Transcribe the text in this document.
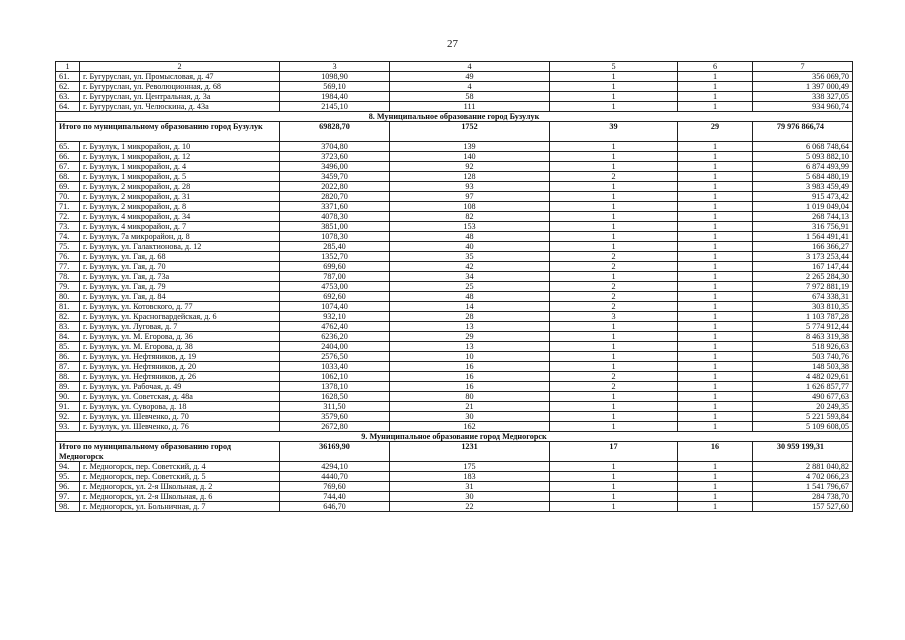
27
1	2	3	4	5	6	7
61.	г. Бугуруслан, ул. Промысловая, д. 47	1098,90	49	1	1	356 069,70
62.	г. Бугуруслан, ул. Революционная, д. 68	569,10	4	1	1	1 397 000,49
63.	г. Бугуруслан, ул. Центральная, д. 3а	1984,40	58	1	1	338 327,05
64.	г. Бугуруслан, ул. Челюскина, д. 43а	2145,10	111	1	1	934 960,74
8. Муниципальное образование город Бузулук						
Итого по муниципальному образованию город Бузулук		69828,70	1752	39	29	79 976 866,74
65.	г. Бузулук, 1 микрорайон, д. 10	3704,80	139	1	1	6 068 748,64
66.	г. Бузулук, 1 микрорайон, д. 12	3723,60	140	1	1	5 093 882,10
67.	г. Бузулук, 1 микрорайон, д. 4	3496,00	92	1	1	6 874 493,99
68.	г. Бузулук, 1 микрорайон, д. 5	3459,70	128	2	1	5 684 480,19
69.	г. Бузулук, 2 микрорайон, д. 28	2022,80	93	1	1	3 983 459,49
70.	г. Бузулук, 2 микрорайон, д. 31	2820,70	97	1	1	915 473,42
71.	г. Бузулук, 2 микрорайон, д. 8	3371,60	108	1	1	1 019 049,04
72.	г. Бузулук, 4 микрорайон, д. 34	4078,30	82	1	1	268 744,13
73.	г. Бузулук, 4 микрорайон, д. 7	3851,00	153	1	1	316 756,91
74.	г. Бузулук, 7а микрорайон, д. 8	1078,30	48	1	1	1 564 491,41
75.	г. Бузулук, ул. Галактионова, д. 12	285,40	40	1	1	166 366,27
76.	г. Бузулук, ул. Гая, д. 68	1352,70	35	2	1	3 173 253,44
77.	г. Бузулук, ул. Гая, д. 70	699,60	42	2	1	167 147,44
78.	г. Бузулук, ул. Гая, д. 73а	787,00	34	1	1	2 265 284,30
79.	г. Бузулук, ул. Гая, д. 79	4753,00	25	2	1	7 972 881,19
80.	г. Бузулук, ул. Гая, д. 84	692,60	48	2	1	674 338,31
81.	г. Бузулук, ул. Котовского, д. 77	1074,40	14	2	1	303 810,35
82.	г. Бузулук, ул. Красногвардейская, д. 6	932,10	28	3	1	1 103 787,28
83.	г. Бузулук, ул. Луговая, д. 7	4762,40	13	1	1	5 774 912,44
84.	г. Бузулук, ул. М. Егорова, д. 36	6236,20	29	1	1	8 463 319,38
85.	г. Бузулук, ул. М. Егорова, д. 38	2404,00	13	1	1	518 926,63
86.	г. Бузулук, ул. Нефтяников, д. 19	2576,50	10	1	1	503 740,76
87.	г. Бузулук, ул. Нефтяников, д. 20	1033,40	16	1	1	148 503,38
88.	г. Бузулук, ул. Нефтяников, д. 26	1062,10	16	2	1	4 482 029,61
89.	г. Бузулук, ул. Рабочая, д. 49	1378,10	16	2	1	1 626 857,77
90.	г. Бузулук, ул. Советская, д. 48а	1628,50	80	1	1	490 677,63
91.	г. Бузулук, ул. Суворова, д. 18	311,50	21	1	1	20 249,35
92.	г. Бузулук, ул. Шевченко, д. 70	3579,60	30	1	1	5 221 593,84
93.	г. Бузулук, ул. Шевченко, д. 76	2672,80	162	1	1	5 109 608,05
9. Муниципальное образование город Медногорск						
Итого по муниципальному образованию город Медногорск		36169,90	1231	17	16	30 959 199,31
94.	г. Медногорск, пер. Советский, д. 4	4294,10	175	1	1	2 881 040,82
95.	г. Медногорск, пер. Советский, д. 5	4440,70	183	1	1	4 702 066,23
96.	г. Медногорск, ул. 2-я Школьная, д. 2	769,60	31	1	1	1 541 796,67
97.	г. Медногорск, ул. 2-я Школьная, д. 6	744,40	30	1	1	284 738,70
98.	г. Медногорск, ул. Больничная, д. 7	646,70	22	1	1	157 527,60
